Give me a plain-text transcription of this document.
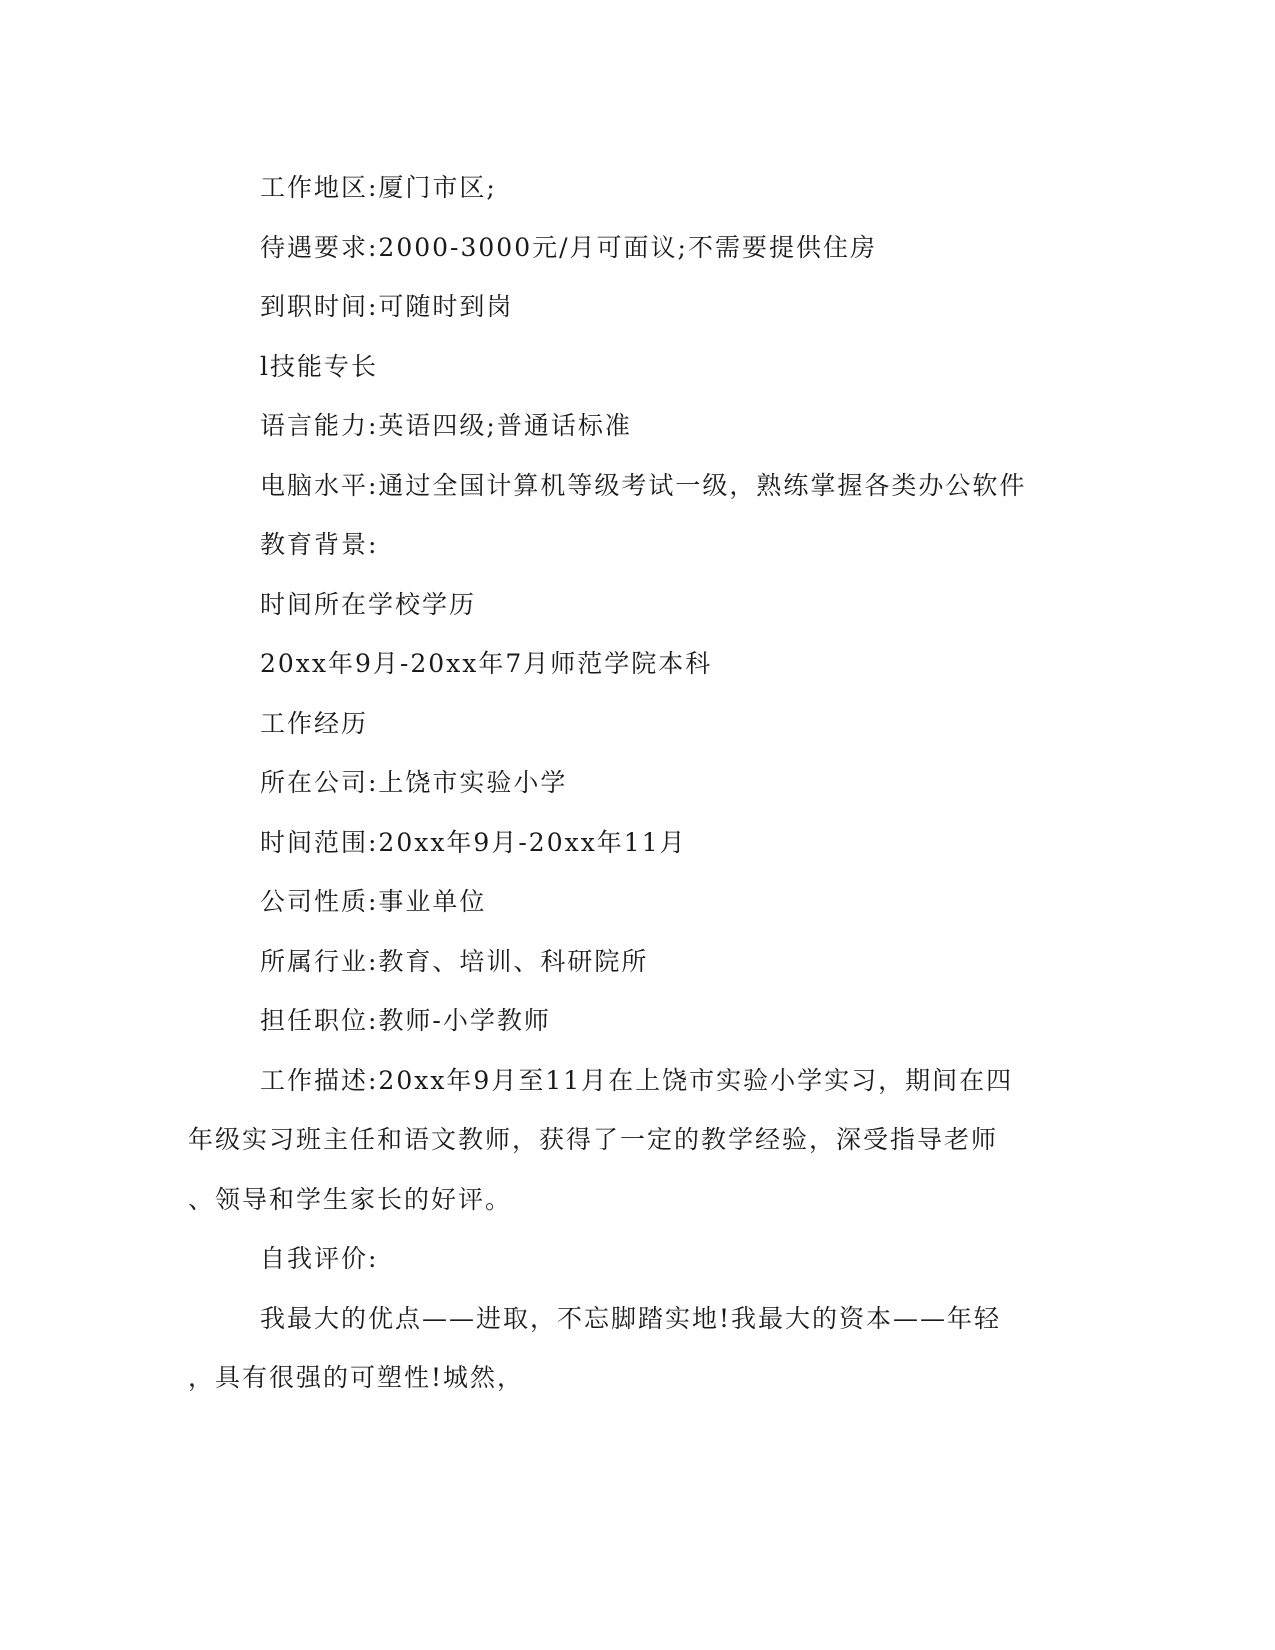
工作地区:厦门市区;
待遇要求:2000-3000元/月可面议;不需要提供住房
到职时间:可随时到岗
l技能专长
语言能力:英语四级;普通话标准
电脑水平:通过全国计算机等级考试一级，熟练掌握各类办公软件
教育背景:
时间所在学校学历
20xx年9月-20xx年7月师范学院本科
工作经历
所在公司:上饶市实验小学
时间范围:20xx年9月-20xx年11月
公司性质:事业单位
所属行业:教育、培训、科研院所
担任职位:教师-小学教师
工作描述:20xx年9月至11月在上饶市实验小学实习，期间在四
年级实习班主任和语文教师，获得了一定的教学经验，深受指导老师
、领导和学生家长的好评。
自我评价:
我最大的优点——进取，不忘脚踏实地!我最大的资本——年轻
，具有很强的可塑性!城然，
